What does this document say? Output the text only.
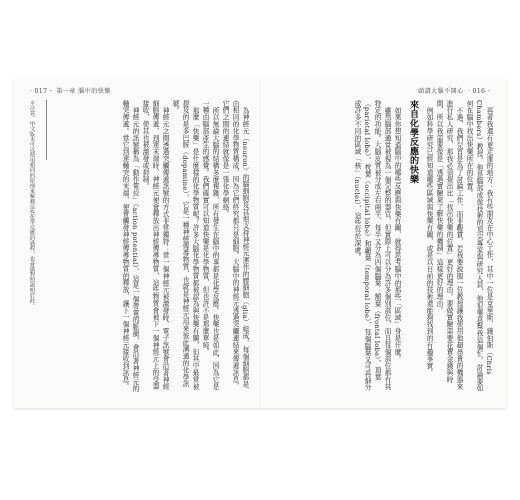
‧017‧ 第一章 腦中的快樂	頭譜大腦不開心 ‧016‧
＊注意，中文版本可以使用相同的原理來解釋這些化學反應的過程，也會做對照說明於此。	為神經元（neuron）的腦細胞及其他支持神經元運作的膠細胞（glia）組成，每個細胞都是由相同的化學物質構成，因為它們終究都只是細胞。大腦中的神經元透過突觸連結來傳遞訊息，它們之間的連結就像是一張化學網絡。

所以無論大腦的結構多麼複雜，所有發生在腦中的事都是化學反應。快樂也是如此，因為它是一種由腦部產生的感覺。我們確實可以知道快樂是化學物質，但也許不是那麼單純。

那麼「快樂」是什麼樣的化學物質呢？許多大腦化學物質都被認為與快樂有關，但其中最常被提及的是多巴胺（dopamine），它是一種神經傳導物質，也就是神經元用來彼此溝通的化學訊號。

神經元之間透過突觸傳遞訊號的方式非常獨特：當一個神經元被激發時，電子訊號會沿著神經細胞傳遞，到達末端時，神經元便會釋放出神經傳導物質，這些物質會被下一個神經元上的受器接收，使其也被激發或抑制。

神經元的訊號稱為「動作電位」（action potential），這是一個帶電的脈衝，會沿著神經元的軸突傳遞。當它到達軸突的末端，便會觸發神經傳導物質的釋放，讓下一個神經元接收到訊息。	再者我還有更走運的地方：我有些朋友在中心工作，其中一位是克里斯．錢伯斯（Chris Chambers）教授，他是腦部成像技術的頂尖專家與研究人員，他很樂意幫我這個忙，討論要如何在腦中找出快樂所在的位置。

不過，我們兒首是為了討論工作，而非觀賞，若我要說服一位教授讓我使用他超昂貴的機器來進行私人研究，那我必須提出比「找出快樂的位置」更好的理由。要做實驗需要花費金錢與時間，所以我需要像是「透過實驗來了解快樂的機制」這樣更好的理由。

例如科學研究已經知道哪些區域與快樂有關，或是以目前的技術還能夠找到的有趣事實。

來自化學反應的快樂

如果你想知道腦中的哪些反應與快樂有關，就得思考腦中的那些「區域」身是什麼。

雖然腦部通常被視為一個完整的器官，但實際上可以分為許多個別部位，而且每個部位都有其特定的功能。大腦皮質被分成左右兩半，每半又分為四個腦葉：額葉（frontal lobe）、頂葉（parietal lobe）、枕葉（occipital lobe）和顳葉（temporal lobe），每個腦葉又可再細分成許多不同的區域「核」（nuclei），這些位於深處。
